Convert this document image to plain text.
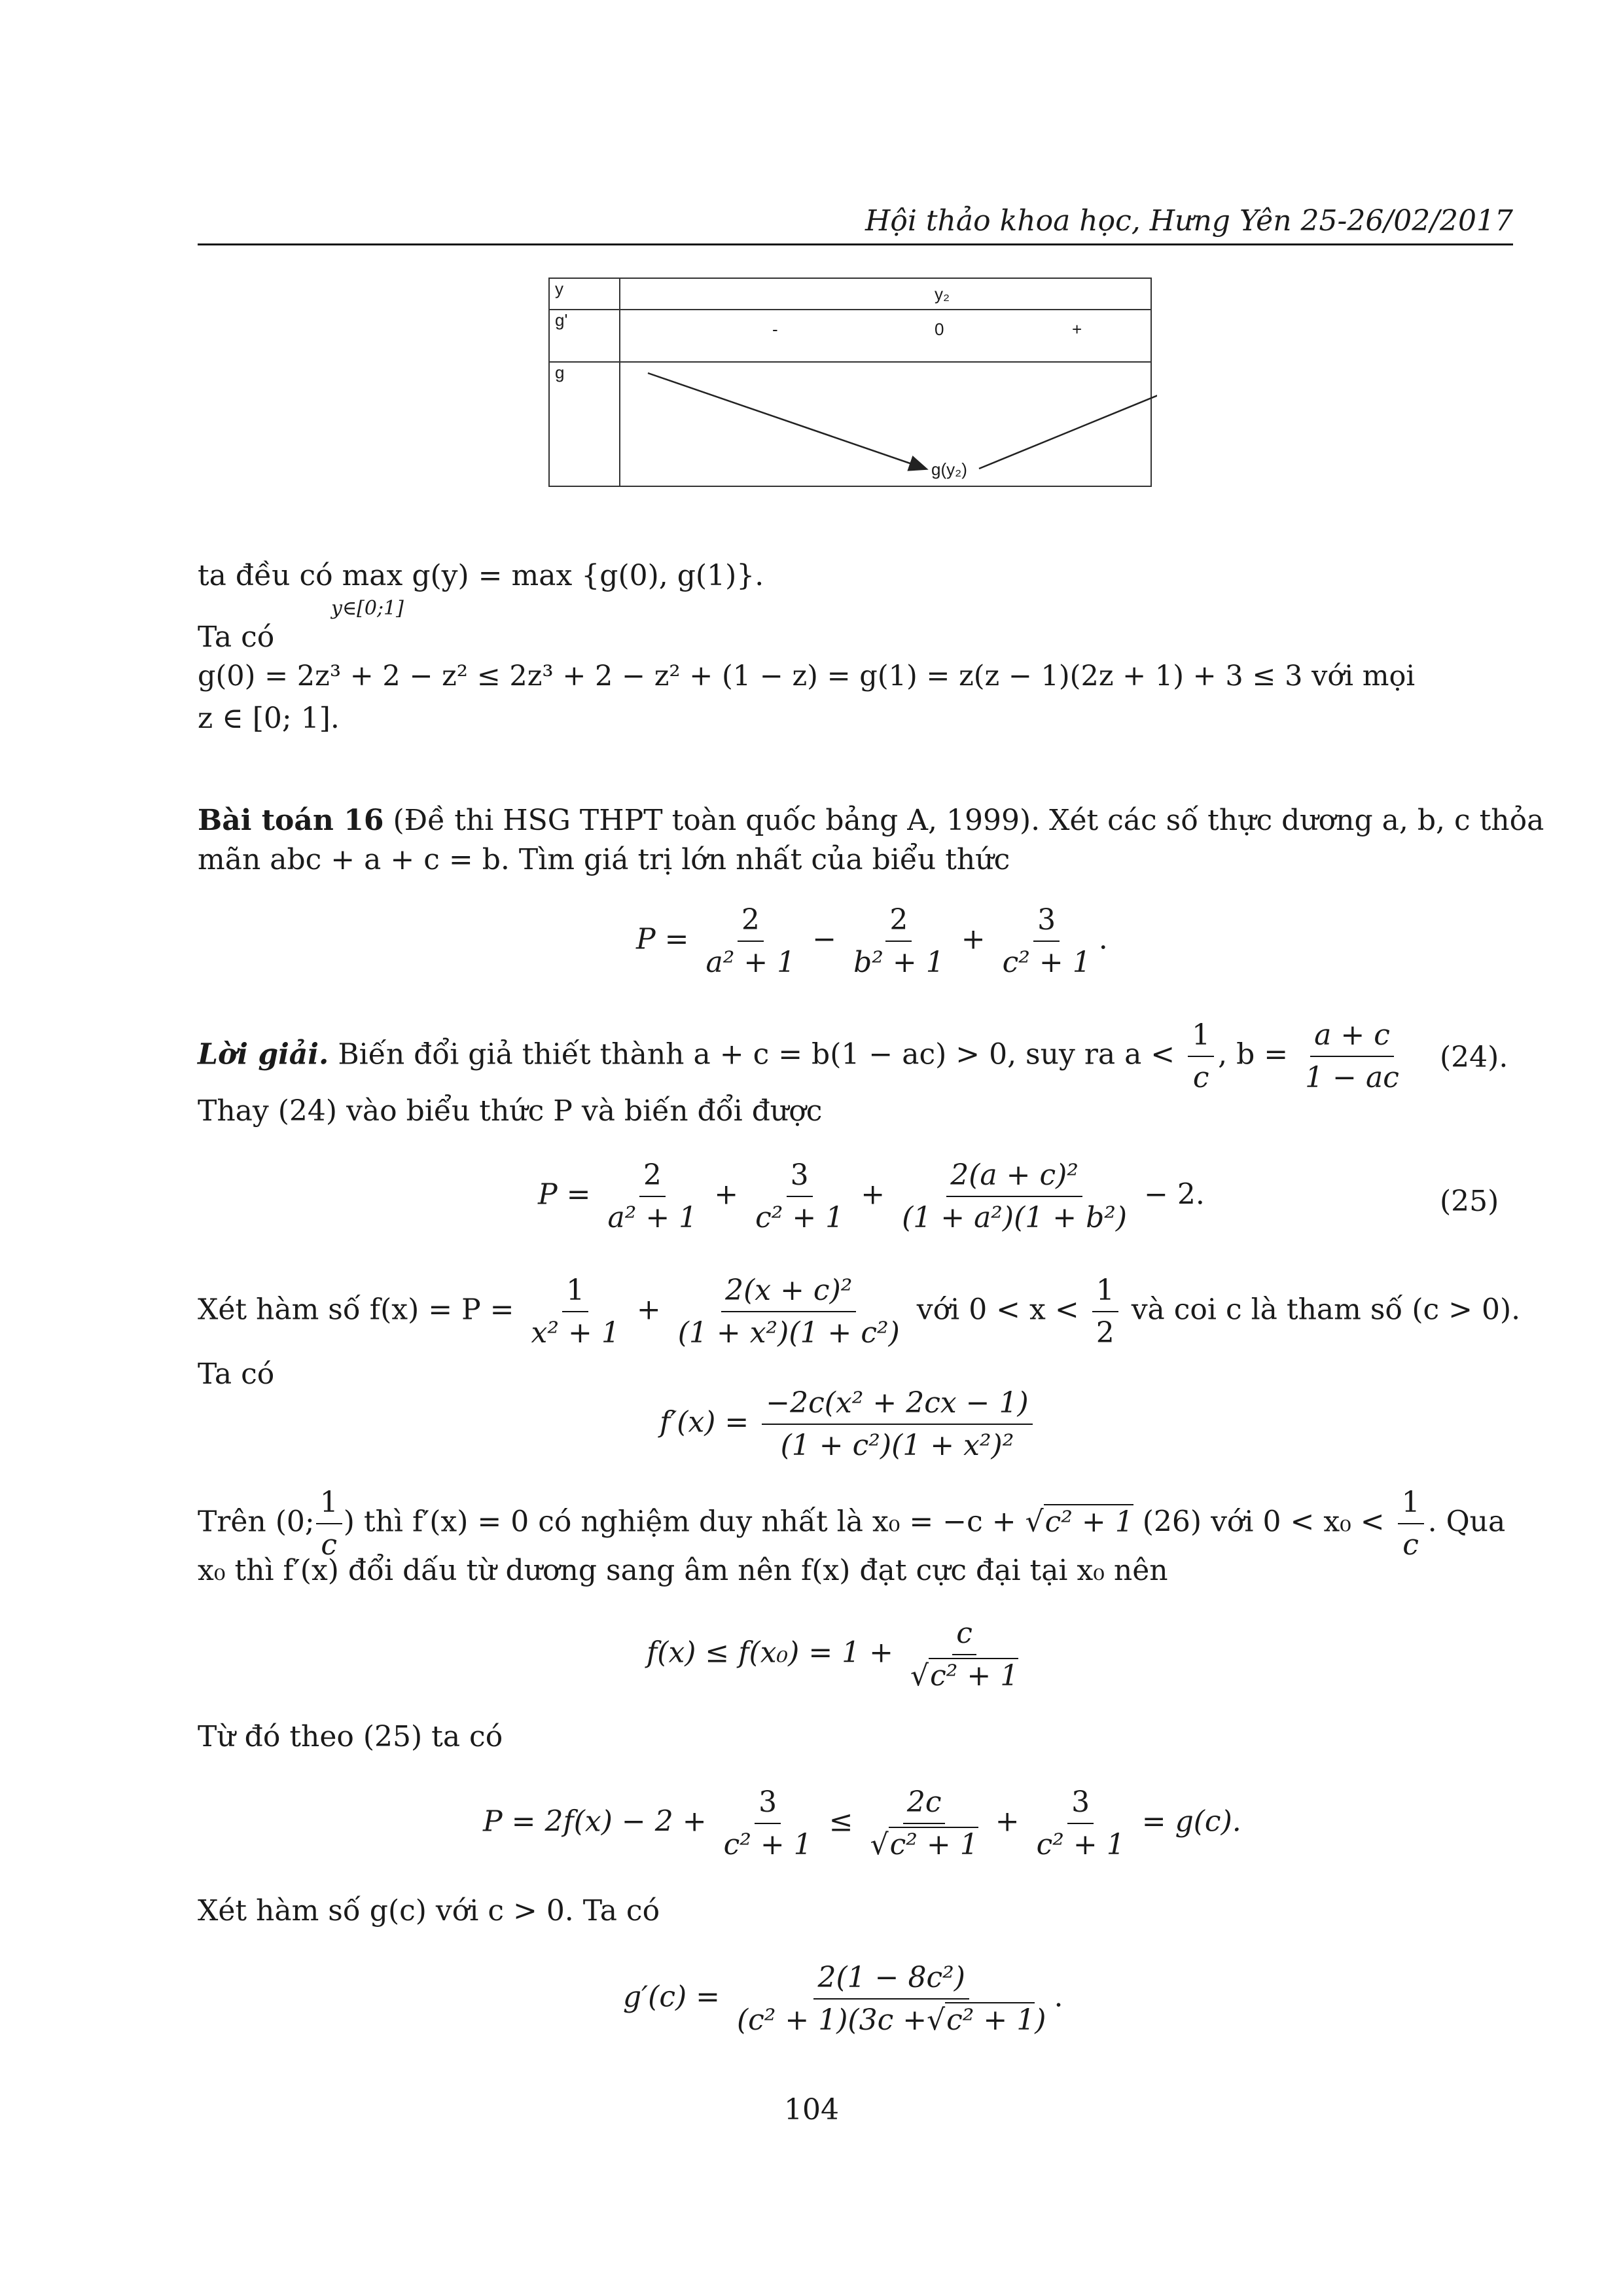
Hội thảo khoa học, Hưng Yên 25-26/02/2017
y	y₂

g'	- 0 +

g	g(y₂)
ta đều có max g(y) = max {g(0), g(1)}.
y∈[0;1]
Ta có
g(0) = 2z³ + 2 − z² ≤ 2z³ + 2 − z² + (1 − z) = g(1) = z(z − 1)(2z + 1) + 3 ≤ 3 với mọi
z ∈ [0; 1].
Bài toán 16 (Đề thi HSG THPT toàn quốc bảng A, 1999). Xét các số thực dương a, b, c thỏa
mãn abc + a + c = b. Tìm giá trị lớn nhất của biểu thức
$P = \frac{2}{\text{a² + 1}} - \frac{2}{\text{b² + 1}} + \frac{3}{\text{c² + 1}}$ .
Lời giải. Biến đổi giả thiết thành a + c = b(1 − ac) > 0, suy ra $a < \frac{1}{c}$ , $b = \frac{a + c}{1 - ac} (24)$.
Thay (24) vào biểu thức P và biến đổi được
$P = \frac{2}{\text{a² + 1}} + \frac{3}{\text{c² + 1}} + \frac{\text{2(a + c)²}}{\text{(1 + a²)(1 + b²)}} - 2$.	(25)
Xét hàm số $f(x) = P = \frac{1}{\text{x² + 1}} + \frac{\text{2(x + c)²}}{\text{(1 + x²)(1 + c²)}}$ với $0 < x < \frac{1}{2}$ và coi c là tham số (c > 0).
Ta có
$f'(x) = \frac{\text{−2c(x² + 2cx − 1)}}{\text{(1 + c²)(1 + x²)²}}$
Trên (0; $\frac{1}{c}$ ) thì f′(x) = 0 có nghiệm duy nhất là x₀ = −c + √c² + 1 (26) với $0 < x_0 < \frac{1}{c}$ . Qua
x₀ thì f′(x) đổi dấu từ dương sang âm nên f(x) đạt cực đại tại x₀ nên
$f(x) \le f(x_0) = 1 + \frac{c}{\text{√c² + 1}}$
Từ đó theo (25) ta có
$P = 2f(x) - 2 + \frac{3}{\text{c² + 1}} \le \frac{2c}{\text{√c² + 1}} + \frac{3}{\text{c² + 1}} = g(c)$.
Xét hàm số g(c) với c > 0. Ta có
$g'(c) = \frac{\text{2(1 − 8c²)}}{\text{(c² + 1)(3c +√c² + 1)}}$ .
104
